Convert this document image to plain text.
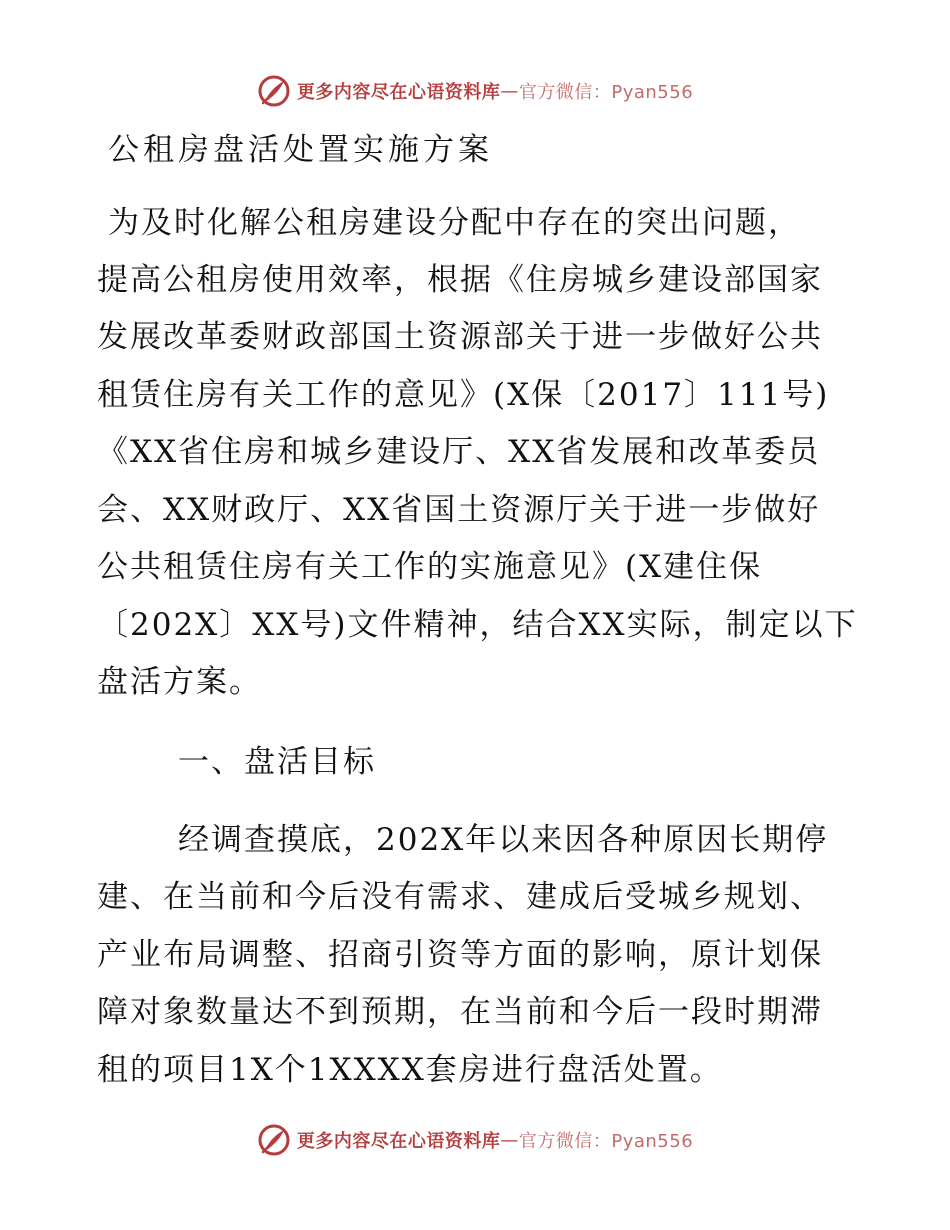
更多内容尽在心语资料库 — 官方微信：Pyan556
公租房盘活处置实施方案
为及时化解公租房建设分配中存在的突出问题，
提高公租房使用效率，根据《住房城乡建设部国家
发展改革委财政部国土资源部关于进一步做好公共
租赁住房有关工作的意见》(X保〔2017〕111号)
《XX省住房和城乡建设厅、XX省发展和改革委员
会、XX财政厅、XX省国土资源厅关于进一步做好
公共租赁住房有关工作的实施意见》(X建住保
〔202X〕XX号)文件精神，结合XX实际，制定以下
盘活方案。
一、盘活目标
经调查摸底，202X年以来因各种原因长期停
建、在当前和今后没有需求、建成后受城乡规划、
产业布局调整、招商引资等方面的影响，原计划保
障对象数量达不到预期，在当前和今后一段时期滞
租的项目1X个1XXXX套房进行盘活处置。
更多内容尽在心语资料库 — 官方微信：Pyan556
